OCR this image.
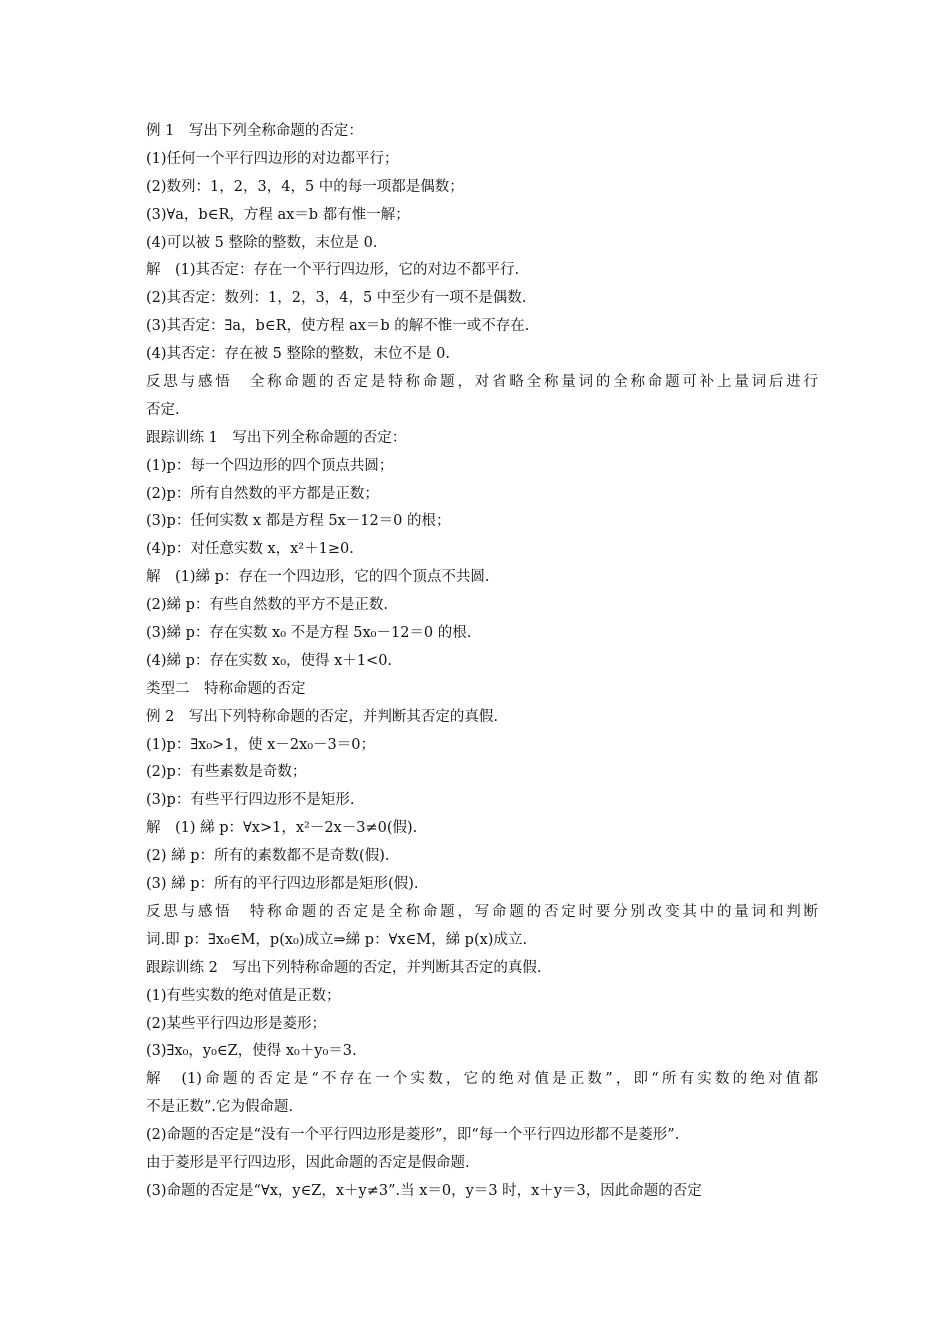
例 1　写出下列全称命题的否定：
(1)任何一个平行四边形的对边都平行；
(2)数列：1，2，3，4，5 中的每一项都是偶数；
(3)∀a，b∈R，方程 ax＝b 都有惟一解；
(4)可以被 5 整除的整数，末位是 0.
解　(1)其否定：存在一个平行四边形，它的对边不都平行.
(2)其否定：数列：1，2，3，4，5 中至少有一项不是偶数.
(3)其否定：∃a，b∈R，使方程 ax＝b 的解不惟一或不存在.
(4)其否定：存在被 5 整除的整数，末位不是 0.
反思与感悟　全称命题的否定是特称命题，对省略全称量词的全称命题可补上量词后进行
否定.
跟踪训练 1　写出下列全称命题的否定：
(1)p：每一个四边形的四个顶点共圆；
(2)p：所有自然数的平方都是正数；
(3)p：任何实数 x 都是方程 5x－12＝0 的根；
(4)p：对任意实数 x，x²＋1≥0.
解　(1)綈 p：存在一个四边形，它的四个顶点不共圆.
(2)綈 p：有些自然数的平方不是正数.
(3)綈 p：存在实数 x₀ 不是方程 5x₀－12＝0 的根.
(4)綈 p：存在实数 x₀，使得 x＋1<0.
类型二　特称命题的否定
例 2　写出下列特称命题的否定，并判断其否定的真假.
(1)p：∃x₀>1，使 x－2x₀－3＝0；
(2)p：有些素数是奇数；
(3)p：有些平行四边形不是矩形.
解　(1) 綈 p：∀x>1，x²－2x－3≠0(假).
(2) 綈 p：所有的素数都不是奇数(假).
(3) 綈 p：所有的平行四边形都是矩形(假).
反思与感悟　特称命题的否定是全称命题，写命题的否定时要分别改变其中的量词和判断
词.即 p：∃x₀∈M，p(x₀)成立⇒綈 p：∀x∈M，綈 p(x)成立.
跟踪训练 2　写出下列特称命题的否定，并判断其否定的真假.
(1)有些实数的绝对值是正数；
(2)某些平行四边形是菱形；
(3)∃x₀，y₀∈Z，使得 x₀＋y₀＝3.
解　(1)命题的否定是“不存在一个实数，它的绝对值是正数”，即“所有实数的绝对值都
不是正数”.它为假命题.
(2)命题的否定是“没有一个平行四边形是菱形”，即“每一个平行四边形都不是菱形”.
由于菱形是平行四边形，因此命题的否定是假命题.
(3)命题的否定是“∀x，y∈Z，x＋y≠3”.当 x＝0，y＝3 时，x＋y＝3，因此命题的否定
